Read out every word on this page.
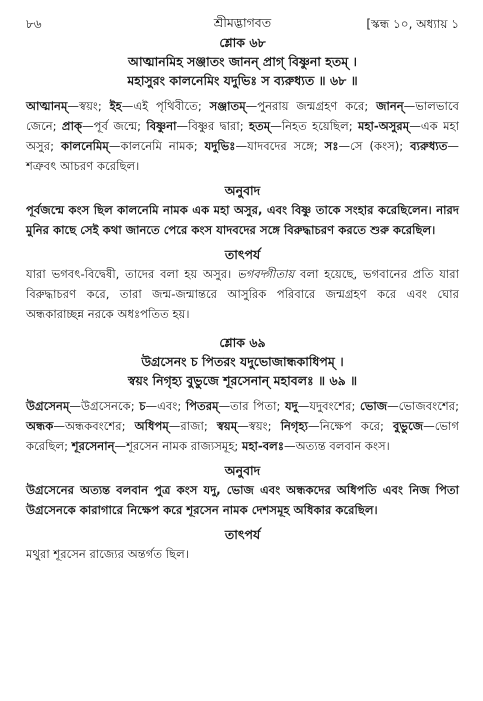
৮৬	শ্রীমদ্ভাগবত	[স্কন্ধ ১০, অধ্যায় ১
শ্লোক ৬৮
আত্মানমিহ সঞ্জাতং জানন্ প্রাগ্ বিষ্ণুনা হতম্ ।
মহাসুরং কালনেমিং যদুভিঃ স ব্যরুধ্যত ॥ ৬৮ ॥

আত্মানম্—স্বয়ং; ইহ—এই পৃথিবীতে; সঞ্জাতম্—পুনরায় জন্মগ্রহণ করে; জানন্—ভালভাবে জেনে; প্রাক্—পূর্ব জন্মে; বিষ্ণুনা—বিষ্ণুর দ্বারা; হতম্—নিহত হয়েছিল; মহা-অসুরম্—এক মহা অসুর; কালনেমিম্—কালনেমি নামক; যদুভিঃ—যাদবদের সঙ্গে; সঃ—সে (কংস); ব্যরুধ্যত—শত্রুবৎ আচরণ করেছিল।

অনুবাদ

পূর্বজন্মে কংস ছিল কালনেমি নামক এক মহা অসুর, এবং বিষ্ণু তাকে সংহার করেছিলেন। নারদ মুনির কাছে সেই কথা জানতে পেরে কংস যাদবদের সঙ্গে বিরুদ্ধাচরণ করতে শুরু করেছিল।

তাৎপর্য

যারা ভগবৎ-বিদ্বেষী, তাদের বলা হয় অসুর। ভগবদ্গীতায় বলা হয়েছে, ভগবানের প্রতি যারা বিরুদ্ধাচরণ করে, তারা জন্ম-জন্মান্তরে আসুরিক পরিবারে জন্মগ্রহণ করে এবং ঘোর অন্ধকারাচ্ছন্ন নরকে অধঃপতিত হয়।

শ্লোক ৬৯
উগ্রসেনং চ পিতরং যদুভোজান্ধকাধিপম্ ।
স্বয়ং নিগৃহ্য বুভুজে শূরসেনান্ মহাবলঃ ॥ ৬৯ ॥

উগ্রসেনম্—উগ্রসেনকে; চ—এবং; পিতরম্—তার পিতা; যদু—যদুবংশের; ভোজ—ভোজবংশের; অন্ধক—অন্ধকবংশের; অধিপম্—রাজা; স্বয়ম্—স্বয়ং; নিগৃহ্য—নিক্ষেপ করে; বুভুজে—ভোগ করেছিল; শূরসেনান্—শূরসেন নামক রাজ্যসমূহ; মহা-বলঃ—অত্যন্ত বলবান কংস।

অনুবাদ

উগ্রসেনের অত্যন্ত বলবান পুত্র কংস যদু, ভোজ এবং অন্ধকদের অধিপতি এবং নিজ পিতা উগ্রসেনকে কারাগারে নিক্ষেপ করে শূরসেন নামক দেশসমূহ অধিকার করেছিল।

তাৎপর্য

মথুরা শূরসেন রাজ্যের অন্তর্গত ছিল।
